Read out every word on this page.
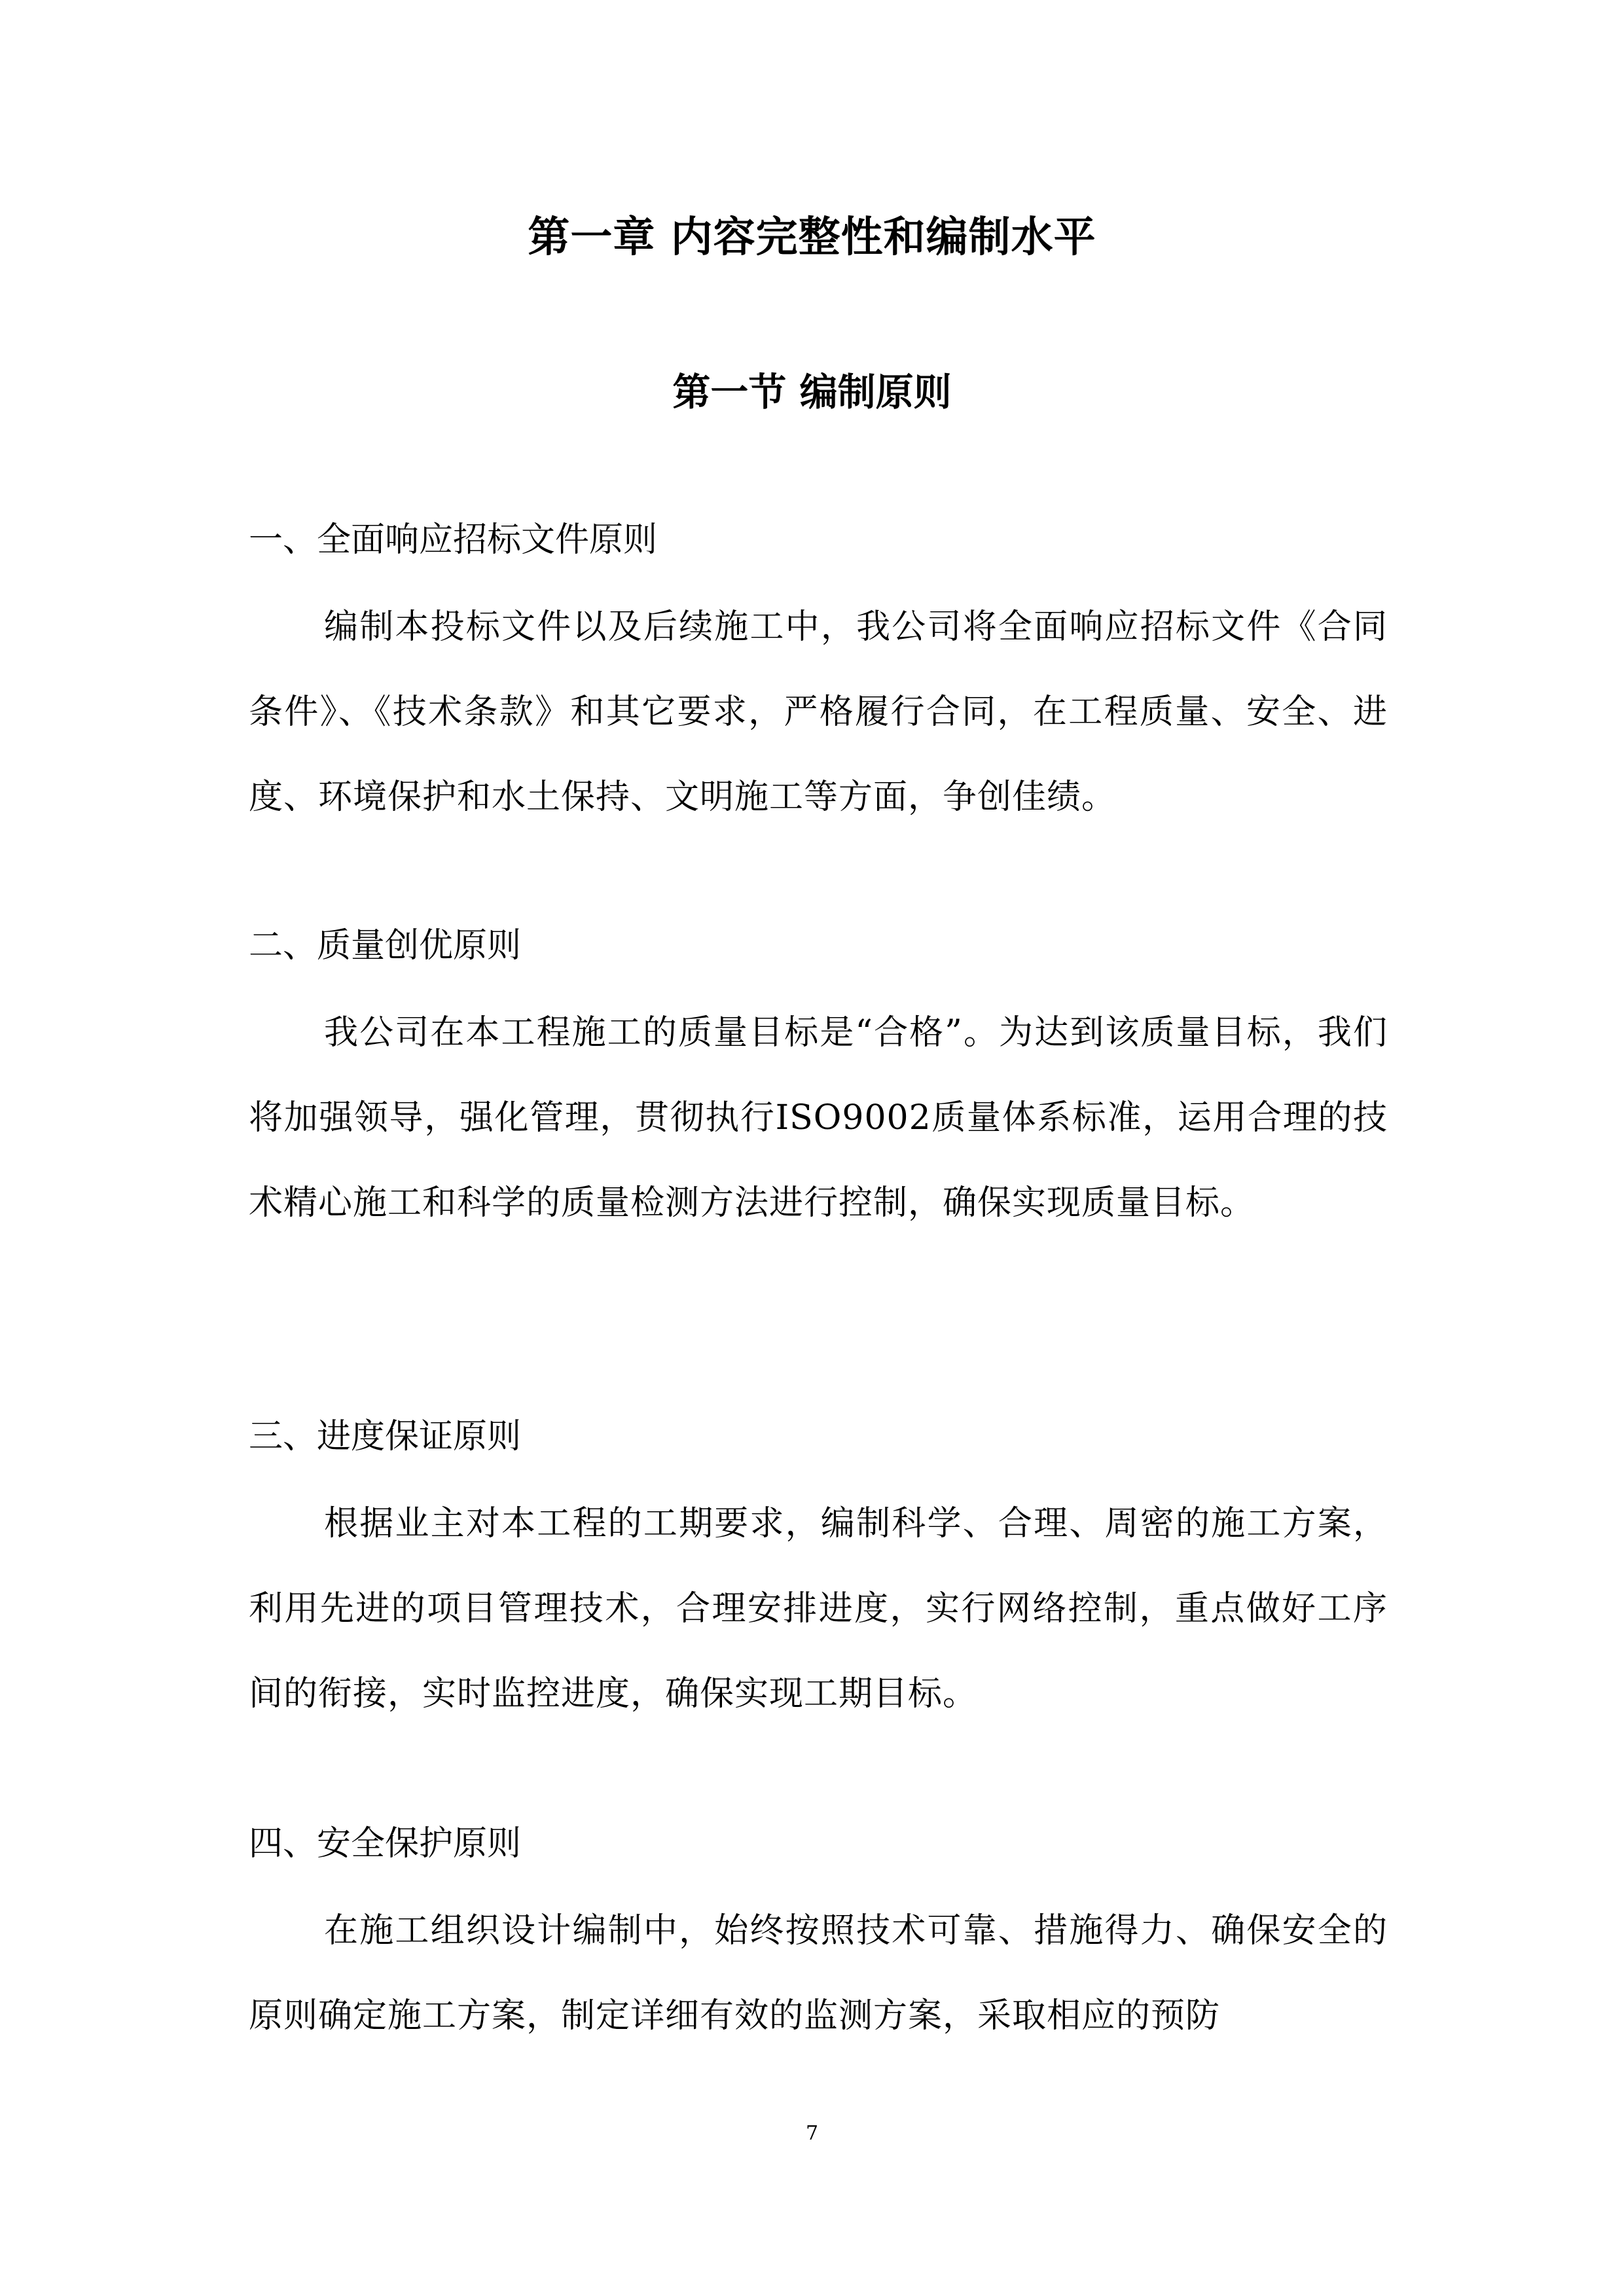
第一章 内容完整性和编制水平
第一节 编制原则
一、全面响应招标文件原则
编制本投标文件以及后续施工中，我公司将全面响应招标文件《合同条件》、《技术条款》和其它要求，严格履行合同，在工程质量、安全、进度、环境保护和水土保持、文明施工等方面，争创佳绩。
二、质量创优原则
我公司在本工程施工的质量目标是“合格”。为达到该质量目标，我们将加强领导，强化管理，贯彻执行ISO9002质量体系标准，运用合理的技术精心施工和科学的质量检测方法进行控制，确保实现质量目标。
三、进度保证原则
根据业主对本工程的工期要求，编制科学、合理、周密的施工方案，利用先进的项目管理技术，合理安排进度，实行网络控制，重点做好工序间的衔接，实时监控进度，确保实现工期目标。
四、安全保护原则
在施工组织设计编制中，始终按照技术可靠、措施得力、确保安全的原则确定施工方案，制定详细有效的监测方案，采取相应的预防
7
